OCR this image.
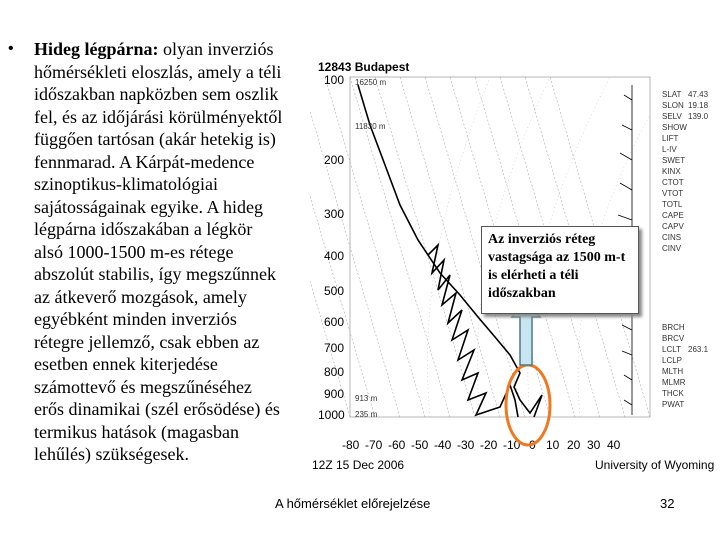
• Hideg légpárna: olyan inverziós
hőmérsékleti eloszlás, amely a téli
időszakban napközben sem oszlik
fel, és az időjárási körülményektől
függően tartósan (akár hetekig is)
fennmarad. A Kárpát-medence
szinoptikus-klimatológiai
sajátosságainak egyike. A hideg
légpárna időszakában a légkör
alsó 1000-1500 m-es rétege
abszolút stabilis, így megszűnnek
az átkeverő mozgások, amely
egyébként minden inverziós
rétegre jellemző, csak ebben az
esetben ennek kiterjedése
számottevő és megszűnéséhez
erős dinamikai (szél erősödése) és
termikus hatások (magasban
lehűlés) szükségesek.
12843 Budapest
100
200
300
400
500
600
700
800
900
1000
16250 m
11830 m
913 m
235 m
-80 -70 -60 -50 -40 -30 -20 -10 0 10 20 30 40
12Z 15 Dec 2006	University of Wyoming
SLAT
SLON
SELV
SHOW
LIFT
L-IV
SWET
KINX
CTOT
VTOT
TOTL
CAPE
CAPV
CINS
CINV
BRCH
BRCV
LCLT
LCLP
MLTH
MLMR
THCK
PWAT
47.43
19.18
139.0
263.1
Az inverziós réteg vastagsága az 1500 m-t is elérheti a téli időszakban
A hőmérséklet előrejelzése	32
